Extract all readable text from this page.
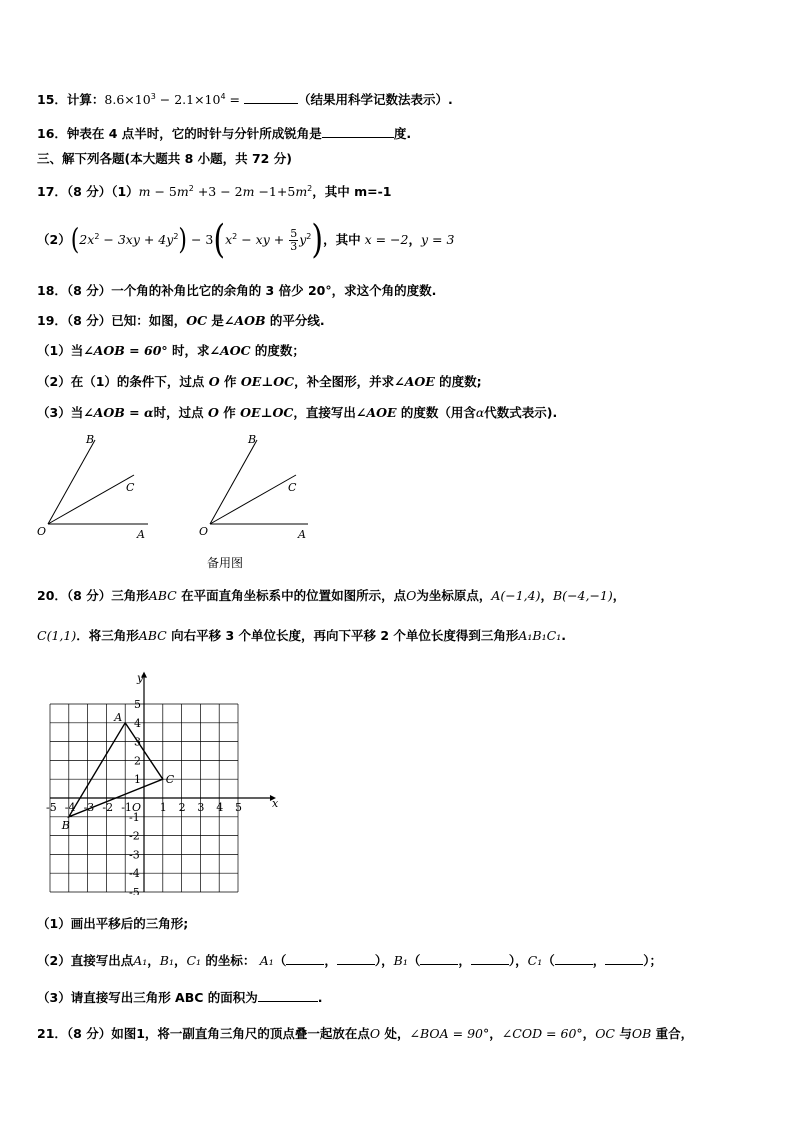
15．计算：$8.6\times 10^3 - 2.1\times 10^4$ =	（结果用科学记数法表示）.
16．钟表在 4 点半时，它的时针与分针所成锐角是	度.
三、解下列各题(本大题共 8 小题，共 72 分)
17．（8 分）$(1)m - 5m^2 +3 - 2m -1+5m^2$，其中 m=-1
$(2)(2x^2 - 3xy + 4y^2) - 3(x^2$ − xy + $\frac{5}{3} y^2$)，其中 x = −2，y = 3
18．（8 分）一个角的补角比它的余角的 3 倍少 20°，求这个角的度数.
19．（8 分）已知：如图，OC 是∠AOB 的平分线.
（1）当∠AOB = 60° 时，求∠AOC 的度数；
（2）在（1）的条件下，过点 O 作 OE⊥OC，补全图形，并求∠AOE 的度数;
（3）当∠AOB = α时，过点 O 作 OE⊥OC，直接写出∠AOE 的度数（用含α代数式表示).
B
C
O	A
B
C
O	A
备用图
20．（8 分）三角形ABC 在平面直角坐标系中的位置如图所示，点O为坐标原点，A(−1,4)，B(−4,−1)，
C(1,1)．将三角形ABC 向右平移 3 个单位长度，再向下平移 2 个单位长度得到三角形A₁B₁C₁.
-5 -4 -3 -2 -1	1 2 3 4 5
5
4
3
2
1
-1
-2
-3
-4
-5
x
y
O
A
B
C
（1）画出平移后的三角形;
（2）直接写出点A₁，B₁，C₁ 的坐标： A₁（	，	），B₁（	，	），C₁（	，	）；
（3）请直接写出三角形 ABC 的面积为	.
21．（8 分）如图1，将一副直角三角尺的顶点叠一起放在点O 处，∠BOA = 90°，∠COD = 60°，OC 与OB 重合，
